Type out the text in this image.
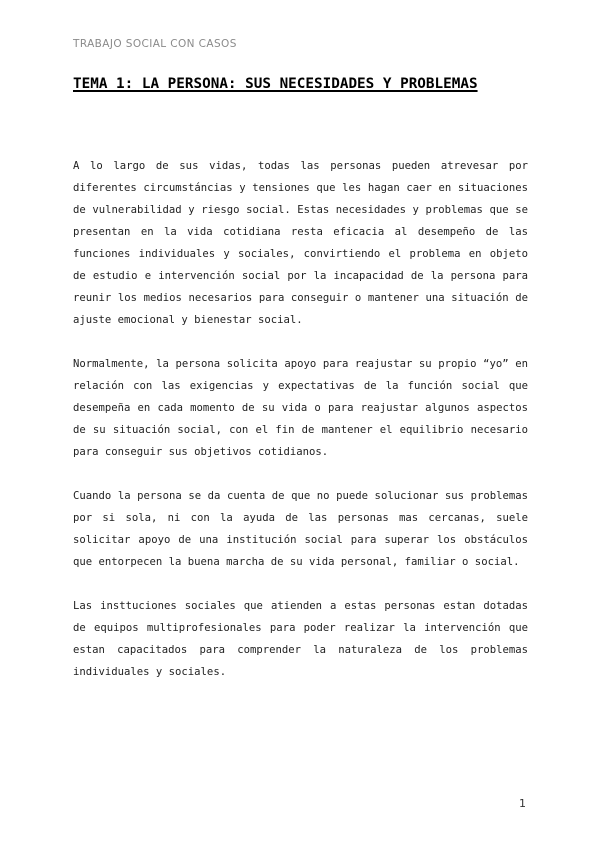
TRABAJO SOCIAL CON CASOS
TEMA 1: LA PERSONA: SUS NECESIDADES Y PROBLEMAS

A lo largo de sus vidas, todas las personas pueden atrevesar por diferentes circumstáncias y tensiones que les hagan caer en situaciones de vulnerabilidad y riesgo social. Estas necesidades y problemas que se presentan en la vida cotidiana resta eficacia al desempeño de las funciones individuales y sociales, convirtiendo el problema en objeto de estudio e intervención social por la incapacidad de la persona para reunir los medios necesarios para conseguir o mantener una situación de ajuste emocional y bienestar social.

Normalmente, la persona solicita apoyo para reajustar su propio “yo” en relación con las exigencias y expectativas de la función social que desempeña en cada momento de su vida o para reajustar algunos aspectos de su situación social, con el fin de mantener el equilibrio necesario para conseguir sus objetivos cotidianos.

Cuando la persona se da cuenta de que no puede solucionar sus problemas por si sola, ni con la ayuda de las personas mas cercanas, suele solicitar apoyo de una institución social para superar los obstáculos que entorpecen la buena marcha de su vida personal, familiar o social.

Las insttuciones sociales que atienden a estas personas estan dotadas de equipos multiprofesionales para poder realizar la intervención que estan capacitados para comprender la naturaleza de los problemas individuales y sociales.

1
